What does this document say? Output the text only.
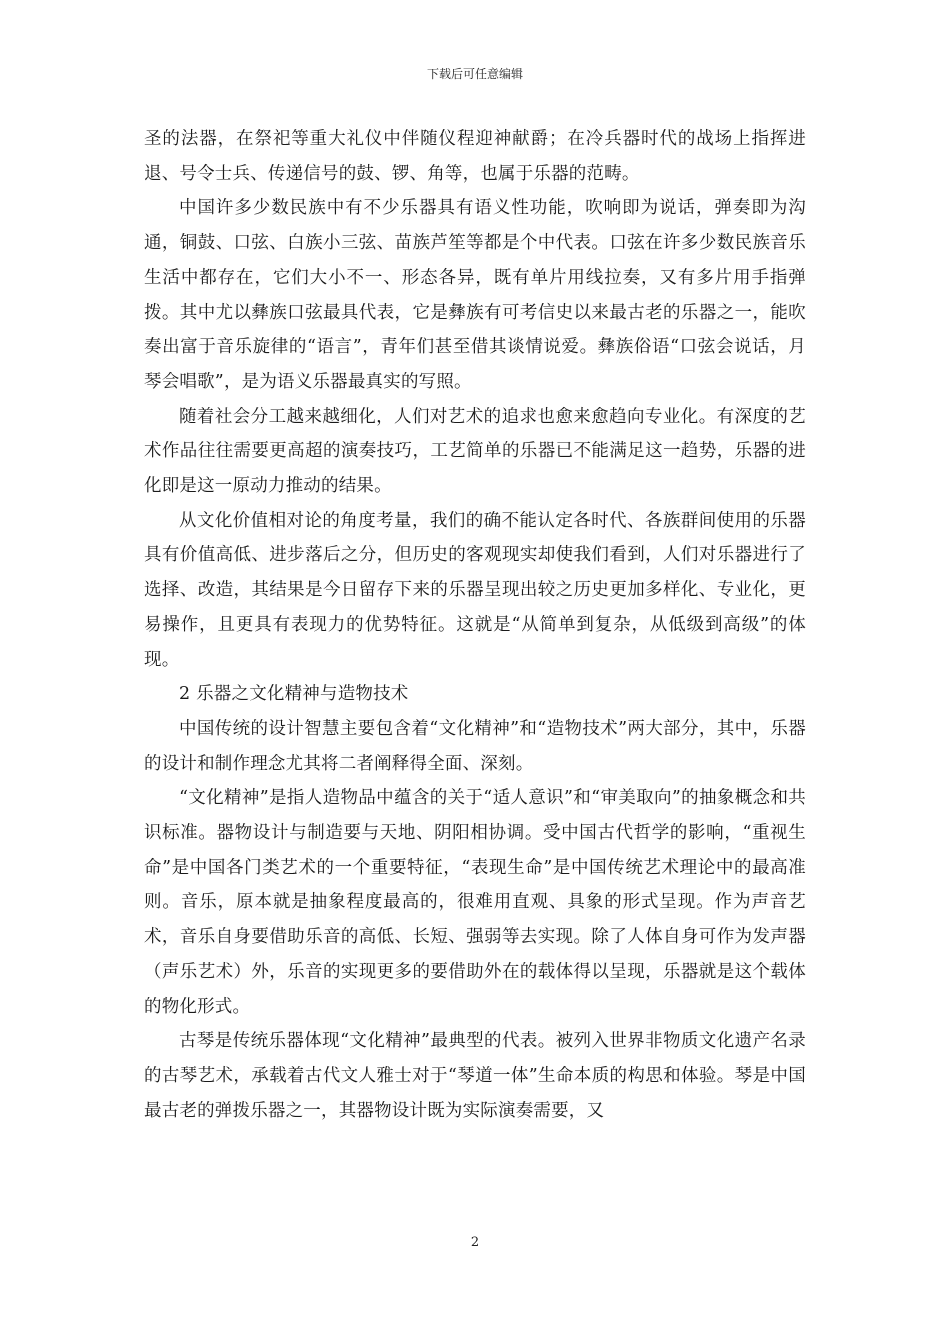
下载后可任意编辑

圣的法器，在祭祀等重大礼仪中伴随仪程迎神献爵；在冷兵器时代的战场上指挥进退、号令士兵、传递信号的鼓、锣、角等，也属于乐器的范畴。

中国许多少数民族中有不少乐器具有语义性功能，吹响即为说话，弹奏即为沟通，铜鼓、口弦、白族小三弦、苗族芦笙等都是个中代表。口弦在许多少数民族音乐生活中都存在，它们大小不一、形态各异，既有单片用线拉奏，又有多片用手指弹拨。其中尤以彝族口弦最具代表，它是彝族有可考信史以来最古老的乐器之一，能吹奏出富于音乐旋律的“语言”，青年们甚至借其谈情说爱。彝族俗语“口弦会说话，月琴会唱歌”，是为语义乐器最真实的写照。

随着社会分工越来越细化，人们对艺术的追求也愈来愈趋向专业化。有深度的艺术作品往往需要更高超的演奏技巧，工艺简单的乐器已不能满足这一趋势，乐器的进化即是这一原动力推动的结果。

从文化价值相对论的角度考量，我们的确不能认定各时代、各族群间使用的乐器具有价值高低、进步落后之分，但历史的客观现实却使我们看到，人们对乐器进行了选择、改造，其结果是今日留存下来的乐器呈现出较之历史更加多样化、专业化，更易操作，且更具有表现力的优势特征。这就是“从简单到复杂，从低级到高级”的体现。

2 乐器之文化精神与造物技术

中国传统的设计智慧主要包含着“文化精神”和“造物技术”两大部分，其中，乐器的设计和制作理念尤其将二者阐释得全面、深刻。

“文化精神”是指人造物品中蕴含的关于“适人意识”和“审美取向”的抽象概念和共识标准。器物设计与制造要与天地、阴阳相协调。受中国古代哲学的影响，“重视生命”是中国各门类艺术的一个重要特征，“表现生命”是中国传统艺术理论中的最高准则。音乐，原本就是抽象程度最高的，很难用直观、具象的形式呈现。作为声音艺术，音乐自身要借助乐音的高低、长短、强弱等去实现。除了人体自身可作为发声器（声乐艺术）外，乐音的实现更多的要借助外在的载体得以呈现，乐器就是这个载体的物化形式。

古琴是传统乐器体现“文化精神”最典型的代表。被列入世界非物质文化遗产名录的古琴艺术，承载着古代文人雅士对于“琴道一体”生命本质的构思和体验。琴是中国最古老的弹拨乐器之一，其器物设计既为实际演奏需要，又

2
